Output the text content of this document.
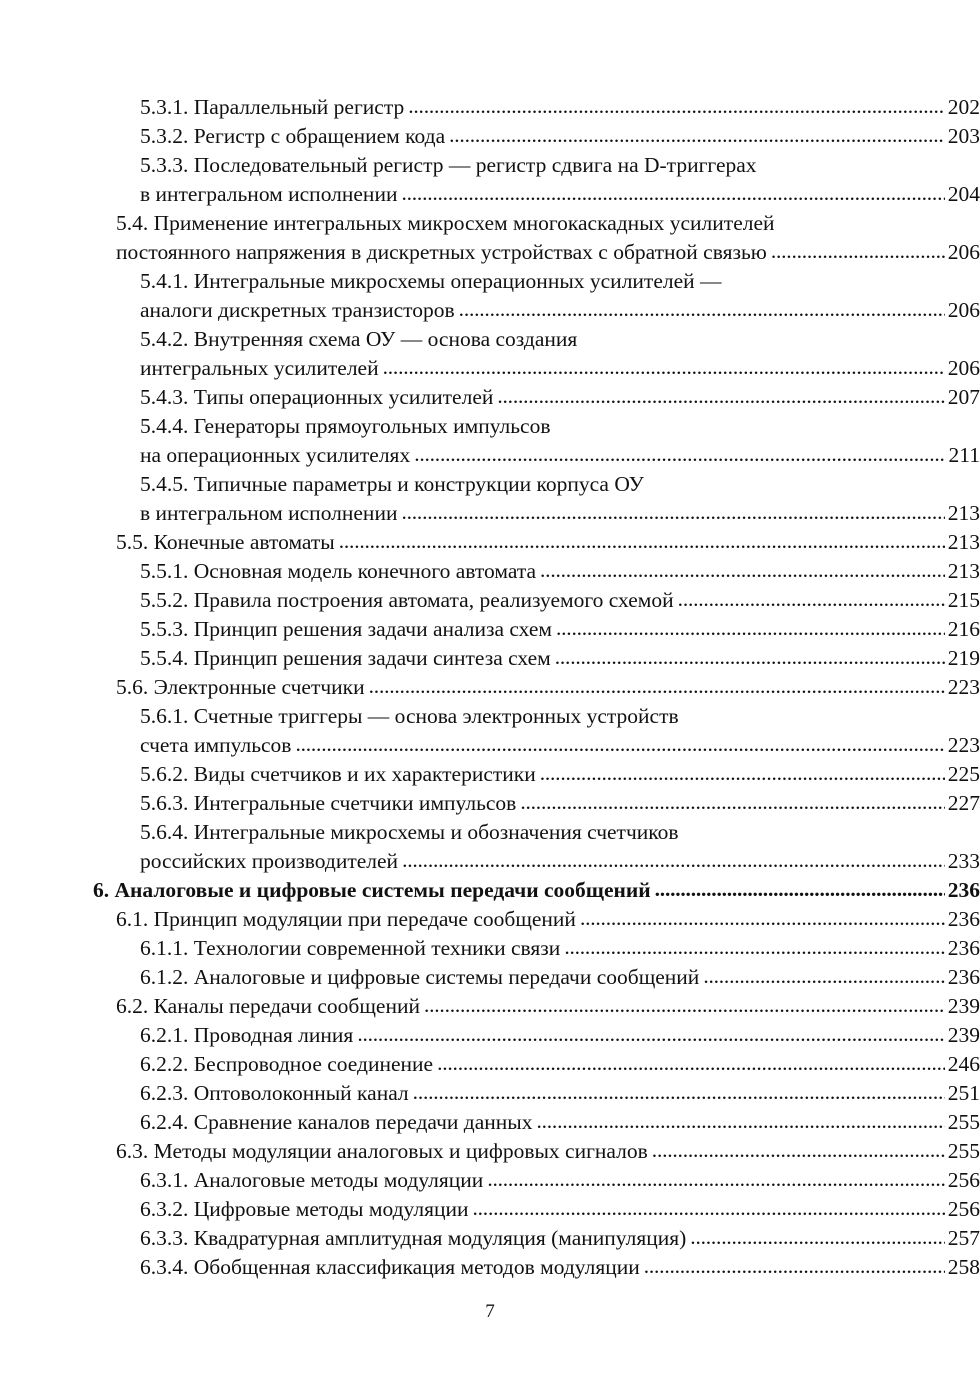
5.3.1. Параллельный регистр . . .	202
5.3.2. Регистр с обращением кода . . .	203
5.3.3. Последовательный регистр — регистр сдвига на D-триггерах
в интегральном исполнении . . .	204
5.4. Применение интегральных микросхем многокаскадных усилителей
постоянного напряжения в дискретных устройствах с обратной связью . . .	206
5.4.1. Интегральные микросхемы операционных усилителей —
аналоги дискретных транзисторов . . .	206
5.4.2. Внутренняя схема ОУ — основа создания
интегральных усилителей . . .	206
5.4.3. Типы операционных усилителей . . .	207
5.4.4. Генераторы прямоугольных импульсов
на операционных усилителях . . .	211
5.4.5. Типичные параметры и конструкции корпуса ОУ
в интегральном исполнении . . .	213
5.5. Конечные автоматы . . .	213
5.5.1. Основная модель конечного автомата . . .	213
5.5.2. Правила построения автомата, реализуемого схемой . . .	215
5.5.3. Принцип решения задачи анализа схем . . .	216
5.5.4. Принцип решения задачи синтеза схем . . .	219
5.6. Электронные счетчики . . .	223
5.6.1. Счетные триггеры — основа электронных устройств
счета импульсов . . .	223
5.6.2. Виды счетчиков и их характеристики . . .	225
5.6.3. Интегральные счетчики импульсов . . .	227
5.6.4. Интегральные микросхемы и обозначения счетчиков
российских производителей . . .	233
6. Аналоговые и цифровые системы передачи сообщений . . .	236
6.1. Принцип модуляции при передаче сообщений . . .	236
6.1.1. Технологии современной техники связи . . .	236
6.1.2. Аналоговые и цифровые системы передачи сообщений . . .	236
6.2. Каналы передачи сообщений . . .	239
6.2.1. Проводная линия . . .	239
6.2.2. Беспроводное соединение . . .	246
6.2.3. Оптоволоконный канал . . .	251
6.2.4. Сравнение каналов передачи данных . . .	255
6.3. Методы модуляции аналоговых и цифровых сигналов . . .	255
6.3.1. Аналоговые методы модуляции . . .	256
6.3.2. Цифровые методы модуляции . . .	256
6.3.3. Квадратурная амплитудная модуляция (манипуляция) . . .	257
6.3.4. Обобщенная классификация методов модуляции . . .	258
7
